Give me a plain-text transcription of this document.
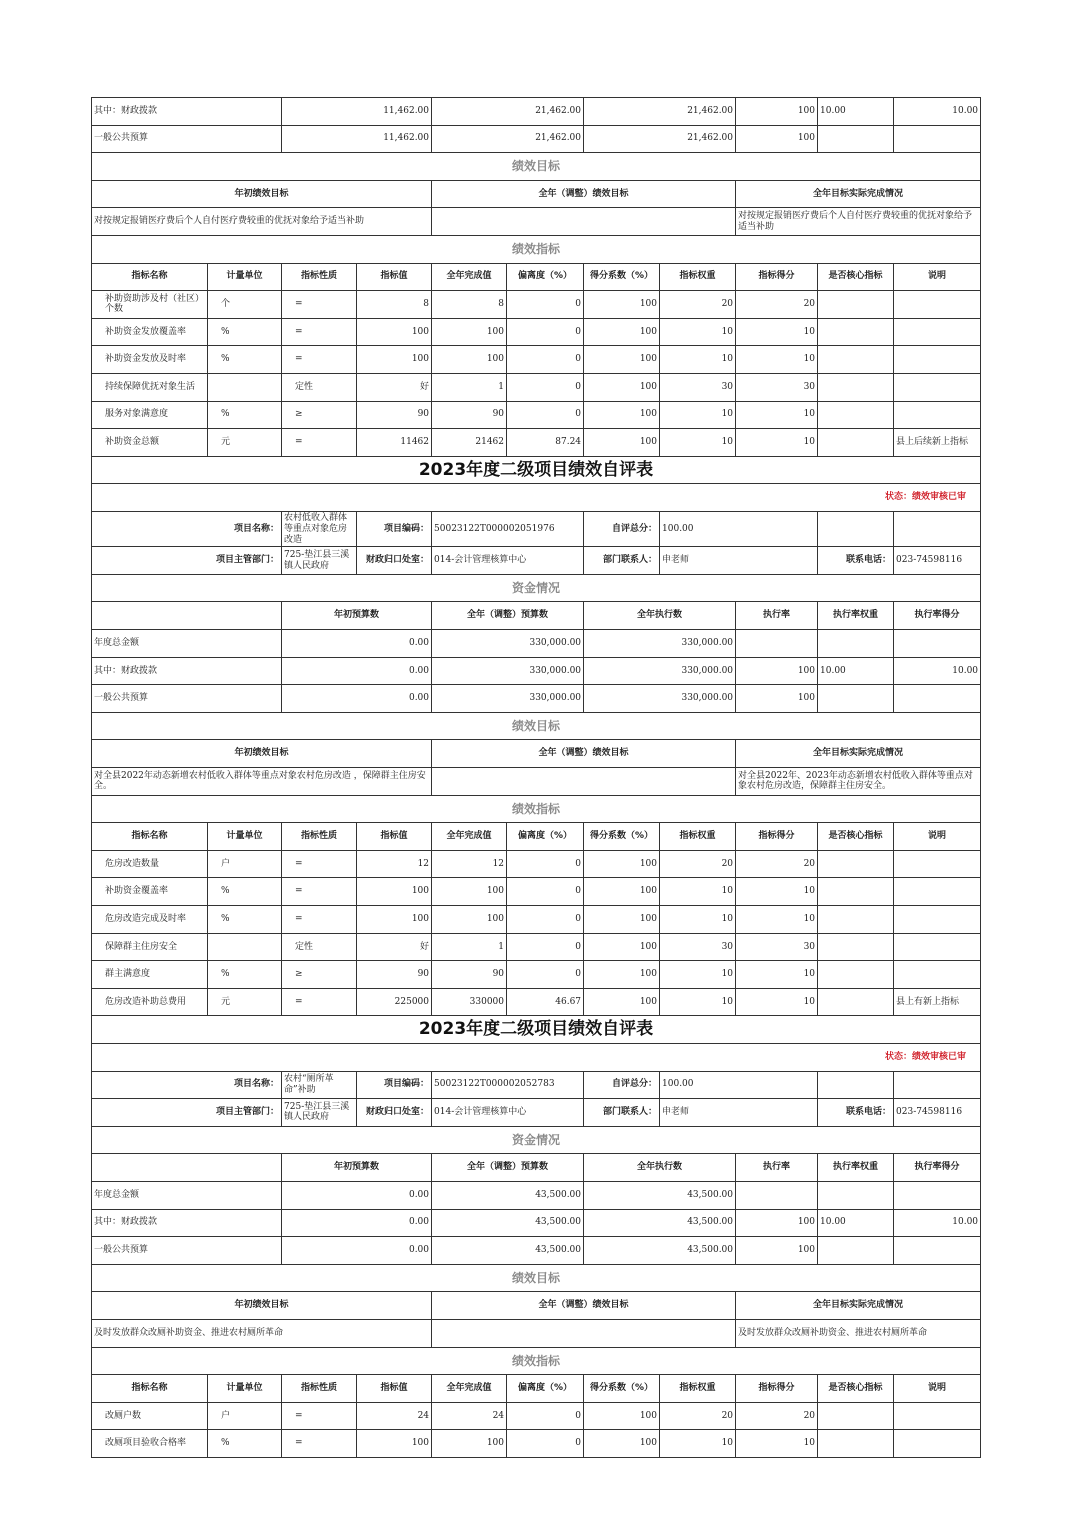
其中：财政拨款		11,462.00		21,462.00		21,462.00		100	10.00	10.00
一般公共预算		11,462.00		21,462.00		21,462.00		100		
绩效目标										
年初绩效目标				全年（调整）绩效目标				全年目标实际完成情况		
对按规定报销医疗费后个人自付医疗费较重的优抚对象给予适当补助								对按规定报销医疗费后个人自付医疗费较重的优抚对象给予适当补助		
绩效指标										
指标名称	计量单位	指标性质	指标值	全年完成值	偏离度（%）	得分系数（%）	指标权重	指标得分	是否核心指标	说明
补助资助涉及村（社区）个数	个	=	8	8	0	100	20	20		
补助资金发放覆盖率	%	=	100	100	0	100	10	10		
补助资金发放及时率	%	=	100	100	0	100	10	10		
持续保障优抚对象生活		定性	好	1	0	100	30	30		
服务对象满意度	%	≥	90	90	0	100	10	10		
补助资金总额	元	=	11462	21462	87.24	100	10	10		县上后续新上指标
2023年度二级项目绩效自评表										
状态：绩效审核已审										
项目名称：		农村低收入群体等重点对象危房改造	项目编码：	50023122T000002051976		自评总分：	100.00			
项目主管部门：		725-垫江县三溪镇人民政府	财政归口处室：	014-会计管理核算中心		部门联系人：	申老师		联系电话：	023-74598116
资金情况										
		年初预算数		全年（调整）预算数		全年执行数		执行率	执行率权重	执行率得分
年度总金额		0.00		330,000.00		330,000.00				
其中：财政拨款		0.00		330,000.00		330,000.00		100	10.00	10.00
一般公共预算		0.00		330,000.00		330,000.00		100		
绩效目标										
年初绩效目标				全年（调整）绩效目标				全年目标实际完成情况		
对全县2022年动态新增农村低收入群体等重点对象农村危房改造 ，保障群主住房安全。								对全县2022年、2023年动态新增农村低收入群体等重点对象农村危房改造，保障群主住房安全。		
绩效指标										
指标名称	计量单位	指标性质	指标值	全年完成值	偏离度（%）	得分系数（%）	指标权重	指标得分	是否核心指标	说明
危房改造数量	户	=	12	12	0	100	20	20		
补助资金覆盖率	%	=	100	100	0	100	10	10		
危房改造完成及时率	%	=	100	100	0	100	10	10		
保障群主住房安全		定性	好	1	0	100	30	30		
群主满意度	%	≥	90	90	0	100	10	10		
危房改造补助总费用	元	=	225000	330000	46.67	100	10	10		县上有新上指标
2023年度二级项目绩效自评表										
状态：绩效审核已审										
项目名称：		农村“厕所革命”补助	项目编码：	50023122T000002052783		自评总分：	100.00			
项目主管部门：		725-垫江县三溪镇人民政府	财政归口处室：	014-会计管理核算中心		部门联系人：	申老师		联系电话：	023-74598116
资金情况										
		年初预算数		全年（调整）预算数		全年执行数		执行率	执行率权重	执行率得分
年度总金额		0.00		43,500.00		43,500.00				
其中：财政拨款		0.00		43,500.00		43,500.00		100	10.00	10.00
一般公共预算		0.00		43,500.00		43,500.00		100		
绩效目标										
年初绩效目标				全年（调整）绩效目标				全年目标实际完成情况		
及时发放群众改厕补助资金、推进农村厕所革命								及时发放群众改厕补助资金、推进农村厕所革命		
绩效指标										
指标名称	计量单位	指标性质	指标值	全年完成值	偏离度（%）	得分系数（%）	指标权重	指标得分	是否核心指标	说明
改厕户数	户	=	24	24	0	100	20	20		
改厕项目验收合格率	%	=	100	100	0	100	10	10		
